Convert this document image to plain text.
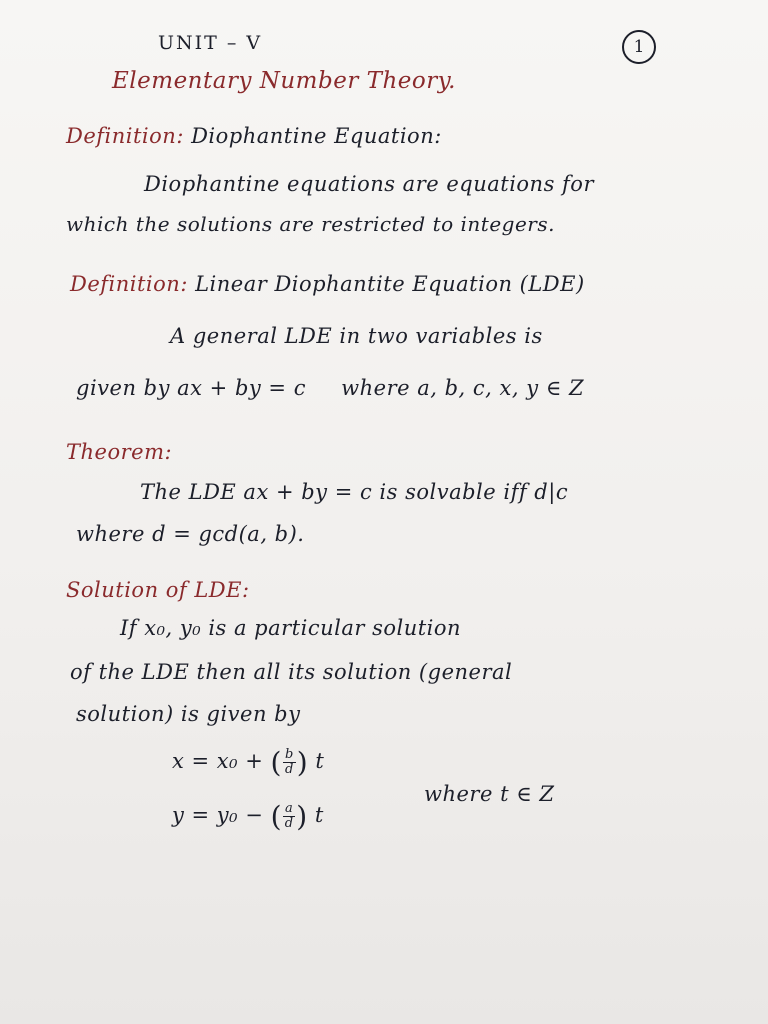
UNIT – V	1
Elementary Number Theory.
Definition: Diophantine Equation:
Diophantine equations are equations for
which the solutions are restricted to integers.
Definition: Linear Diophantite Equation (LDE)
A general LDE in two variables is
given by ax + by = c where a, b, c, x, y ∈ Z
Theorem:
The LDE ax + by = c is solvable iff d|c
where d = gcd(a, b).
Solution of LDE:
If x₀, y₀ is a particular solution
of the LDE then all its solution (general
solution) is given by
x = x₀ + ( $\frac{b}{d}$ ) t
y = y₀ − ( $\frac{a}{d}$ ) t
where t ∈ Z
